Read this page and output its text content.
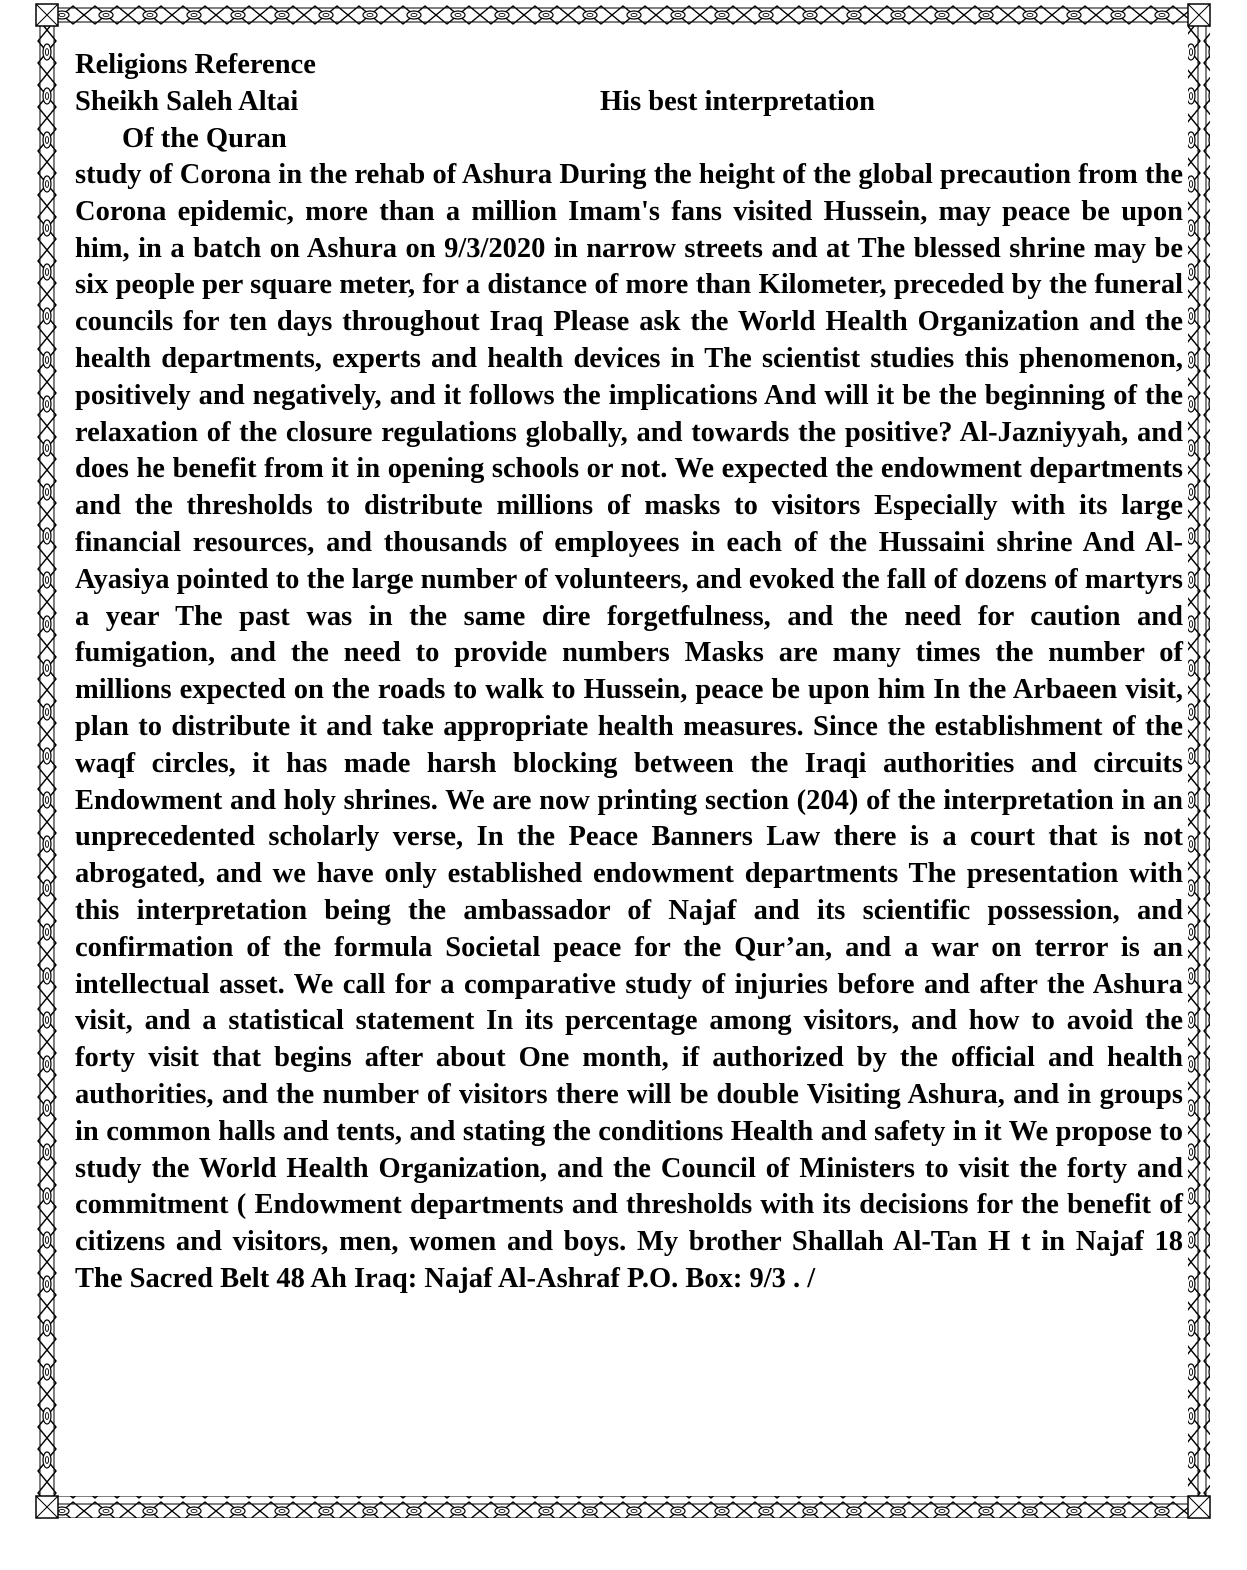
Religions Reference
Sheikh Saleh Altai	His best interpretation
Of the Quran

study of Corona in the rehab of Ashura During the height of the global precaution from the Corona epidemic, more than a million Imam's fans visited Hussein, may peace be upon him, in a batch on Ashura on 9/3/2020 in narrow streets and at The blessed shrine may be six people per square meter, for a distance of more than Kilometer, preceded by the funeral councils for ten days throughout Iraq Please ask the World Health Organization and the health departments, experts and health devices in The scientist studies this phenomenon, positively and negatively, and it follows the implications And will it be the beginning of the relaxation of the closure regulations globally, and towards the positive? Al-Jazniyyah, and does he benefit from it in opening schools or not. We expected the endowment departments and the thresholds to distribute millions of masks to visitors Especially with its large financial resources, and thousands of employees in each of the Hussaini shrine And Al-Ayasiya pointed to the large number of volunteers, and evoked the fall of dozens of martyrs a year The past was in the same dire forgetfulness, and the need for caution and fumigation, and the need to provide numbers Masks are many times the number of millions expected on the roads to walk to Hussein, peace be upon him In the Arbaeen visit, plan to distribute it and take appropriate health measures. Since the establishment of the waqf circles, it has made harsh blocking between the Iraqi authorities and circuits Endowment and holy shrines. We are now printing section (204) of the interpretation in an unprecedented scholarly verse, In the Peace Banners Law there is a court that is not abrogated, and we have only established endowment departments The presentation with this interpretation being the ambassador of Najaf and its scientific possession, and confirmation of the formula Societal peace for the Qur’an, and a war on terror is an intellectual asset. We call for a comparative study of injuries before and after the Ashura visit, and a statistical statement In its percentage among visitors, and how to avoid the forty visit that begins after about One month, if authorized by the official and health authorities, and the number of visitors there will be double Visiting Ashura, and in groups in common halls and tents, and stating the conditions Health and safety in it We propose to study the World Health Organization, and the Council of Ministers to visit the forty and commitment ( Endowment departments and thresholds with its decisions for the benefit of citizens and visitors, men, women and boys. My brother Shallah Al-Tan H t in Najaf 18 The Sacred Belt 48 Ah Iraq: Najaf Al-Ashraf P.O. Box: 9/3 . /
